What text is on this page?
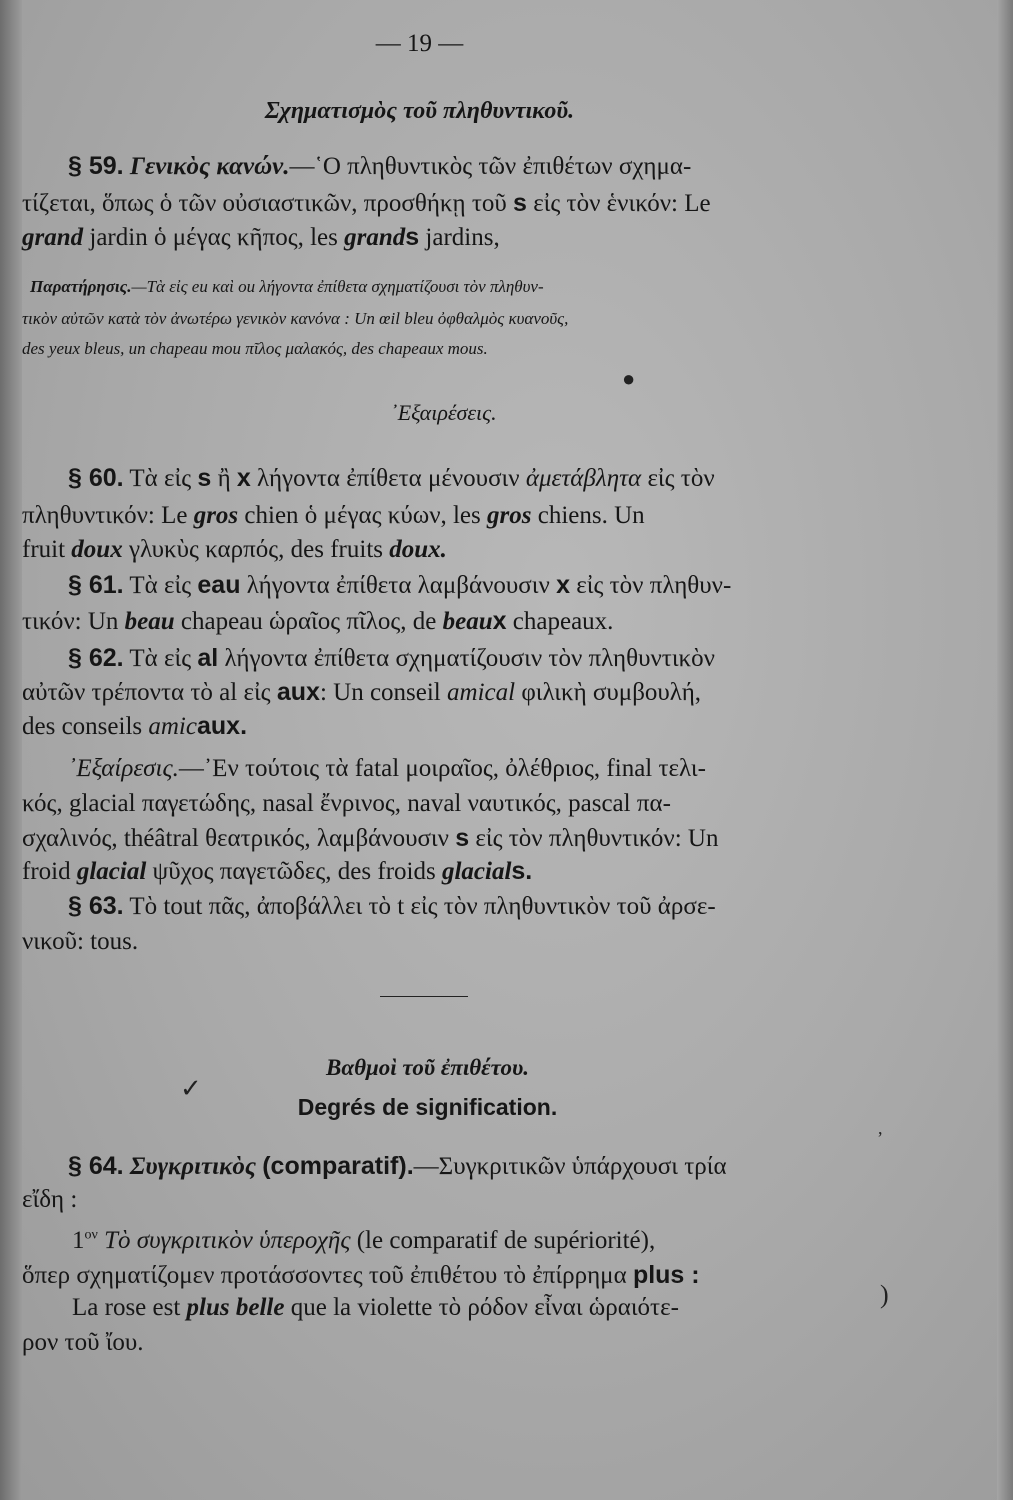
— 19 —
Σχηματισμὸς τοῦ πληθυντικοῦ.
§ 59. Γενικὸς κανών.—῾Ο πληθυντικὸς τῶν ἐπιθέτων σχημα-
τίζεται, ὅπως ὁ τῶν οὐσιαστικῶν, προσθήκῃ τοῦ s εἰς τὸν ἑνικόν: Le
grand jardin ὁ μέγας κῆπος, les grands jardins,
Παρατήρησις.—Τὰ εἰς eu καὶ ou λήγοντα ἐπίθετα σχηματίζουσι τὸν πληθυν-
τικὸν αὐτῶν κατὰ τὸν ἀνωτέρω γενικὸν κανόνα : Un œil bleu ὀφθαλμὸς κυανοῦς,
des yeux bleus, un chapeau mou πῖλος μαλακός, des chapeaux mous.
●
᾿Εξαιρέσεις.
§ 60. Τὰ εἰς s ἢ x λήγοντα ἐπίθετα μένουσιν ἀμετάβλητα εἰς τὸν
πληθυντικόν: Le gros chien ὁ μέγας κύων, les gros chiens. Un
fruit doux γλυκὺς καρπός, des fruits doux.
§ 61. Τὰ εἰς eau λήγοντα ἐπίθετα λαμβάνουσιν x εἰς τὸν πληθυν-
τικόν: Un beau chapeau ὡραῖος πῖλος, de beaux chapeaux.
§ 62. Τὰ εἰς al λήγοντα ἐπίθετα σχηματίζουσιν τὸν πληθυντικὸν
αὐτῶν τρέποντα τὸ al εἰς aux: Un conseil amical φιλικὴ συμβουλή,
des conseils amicaux.
᾿Εξαίρεσις.—᾿Εν τούτοις τὰ fatal μοιραῖος, ὀλέθριος, final τελι-
κός, glacial παγετώδης, nasal ἔνρινος, naval ναυτικός, pascal πα-
σχαλινός, théâtral θεατρικός, λαμβάνουσιν s εἰς τὸν πληθυντικόν: Un
froid glacial ψῦχος παγετῶδες, des froids glacials.
§ 63. Τὸ tout πᾶς, ἀποβάλλει τὸ t εἰς τὸν πληθυντικὸν τοῦ ἀρσε-
νικοῦ: tous.
Βαθμοὶ τοῦ ἐπιθέτου.
✓
Degrés de signification.
§ 64. Συγκριτικὸς (comparatif).—Συγκριτικῶν ὑπάρχουσι τρία
εἴδη :
$1^{o\nu}$ Τὸ συγκριτικὸν ὑπεροχῆς (le comparatif de supériorité),
ὅπερ σχηματίζομεν προτάσσοντες τοῦ ἐπιθέτου τὸ ἐπίρρημα plus :
La rose est plus belle que la violette τὸ ρόδον εἶναι ὡραιότε-
ρον τοῦ ἴου.
,
)
